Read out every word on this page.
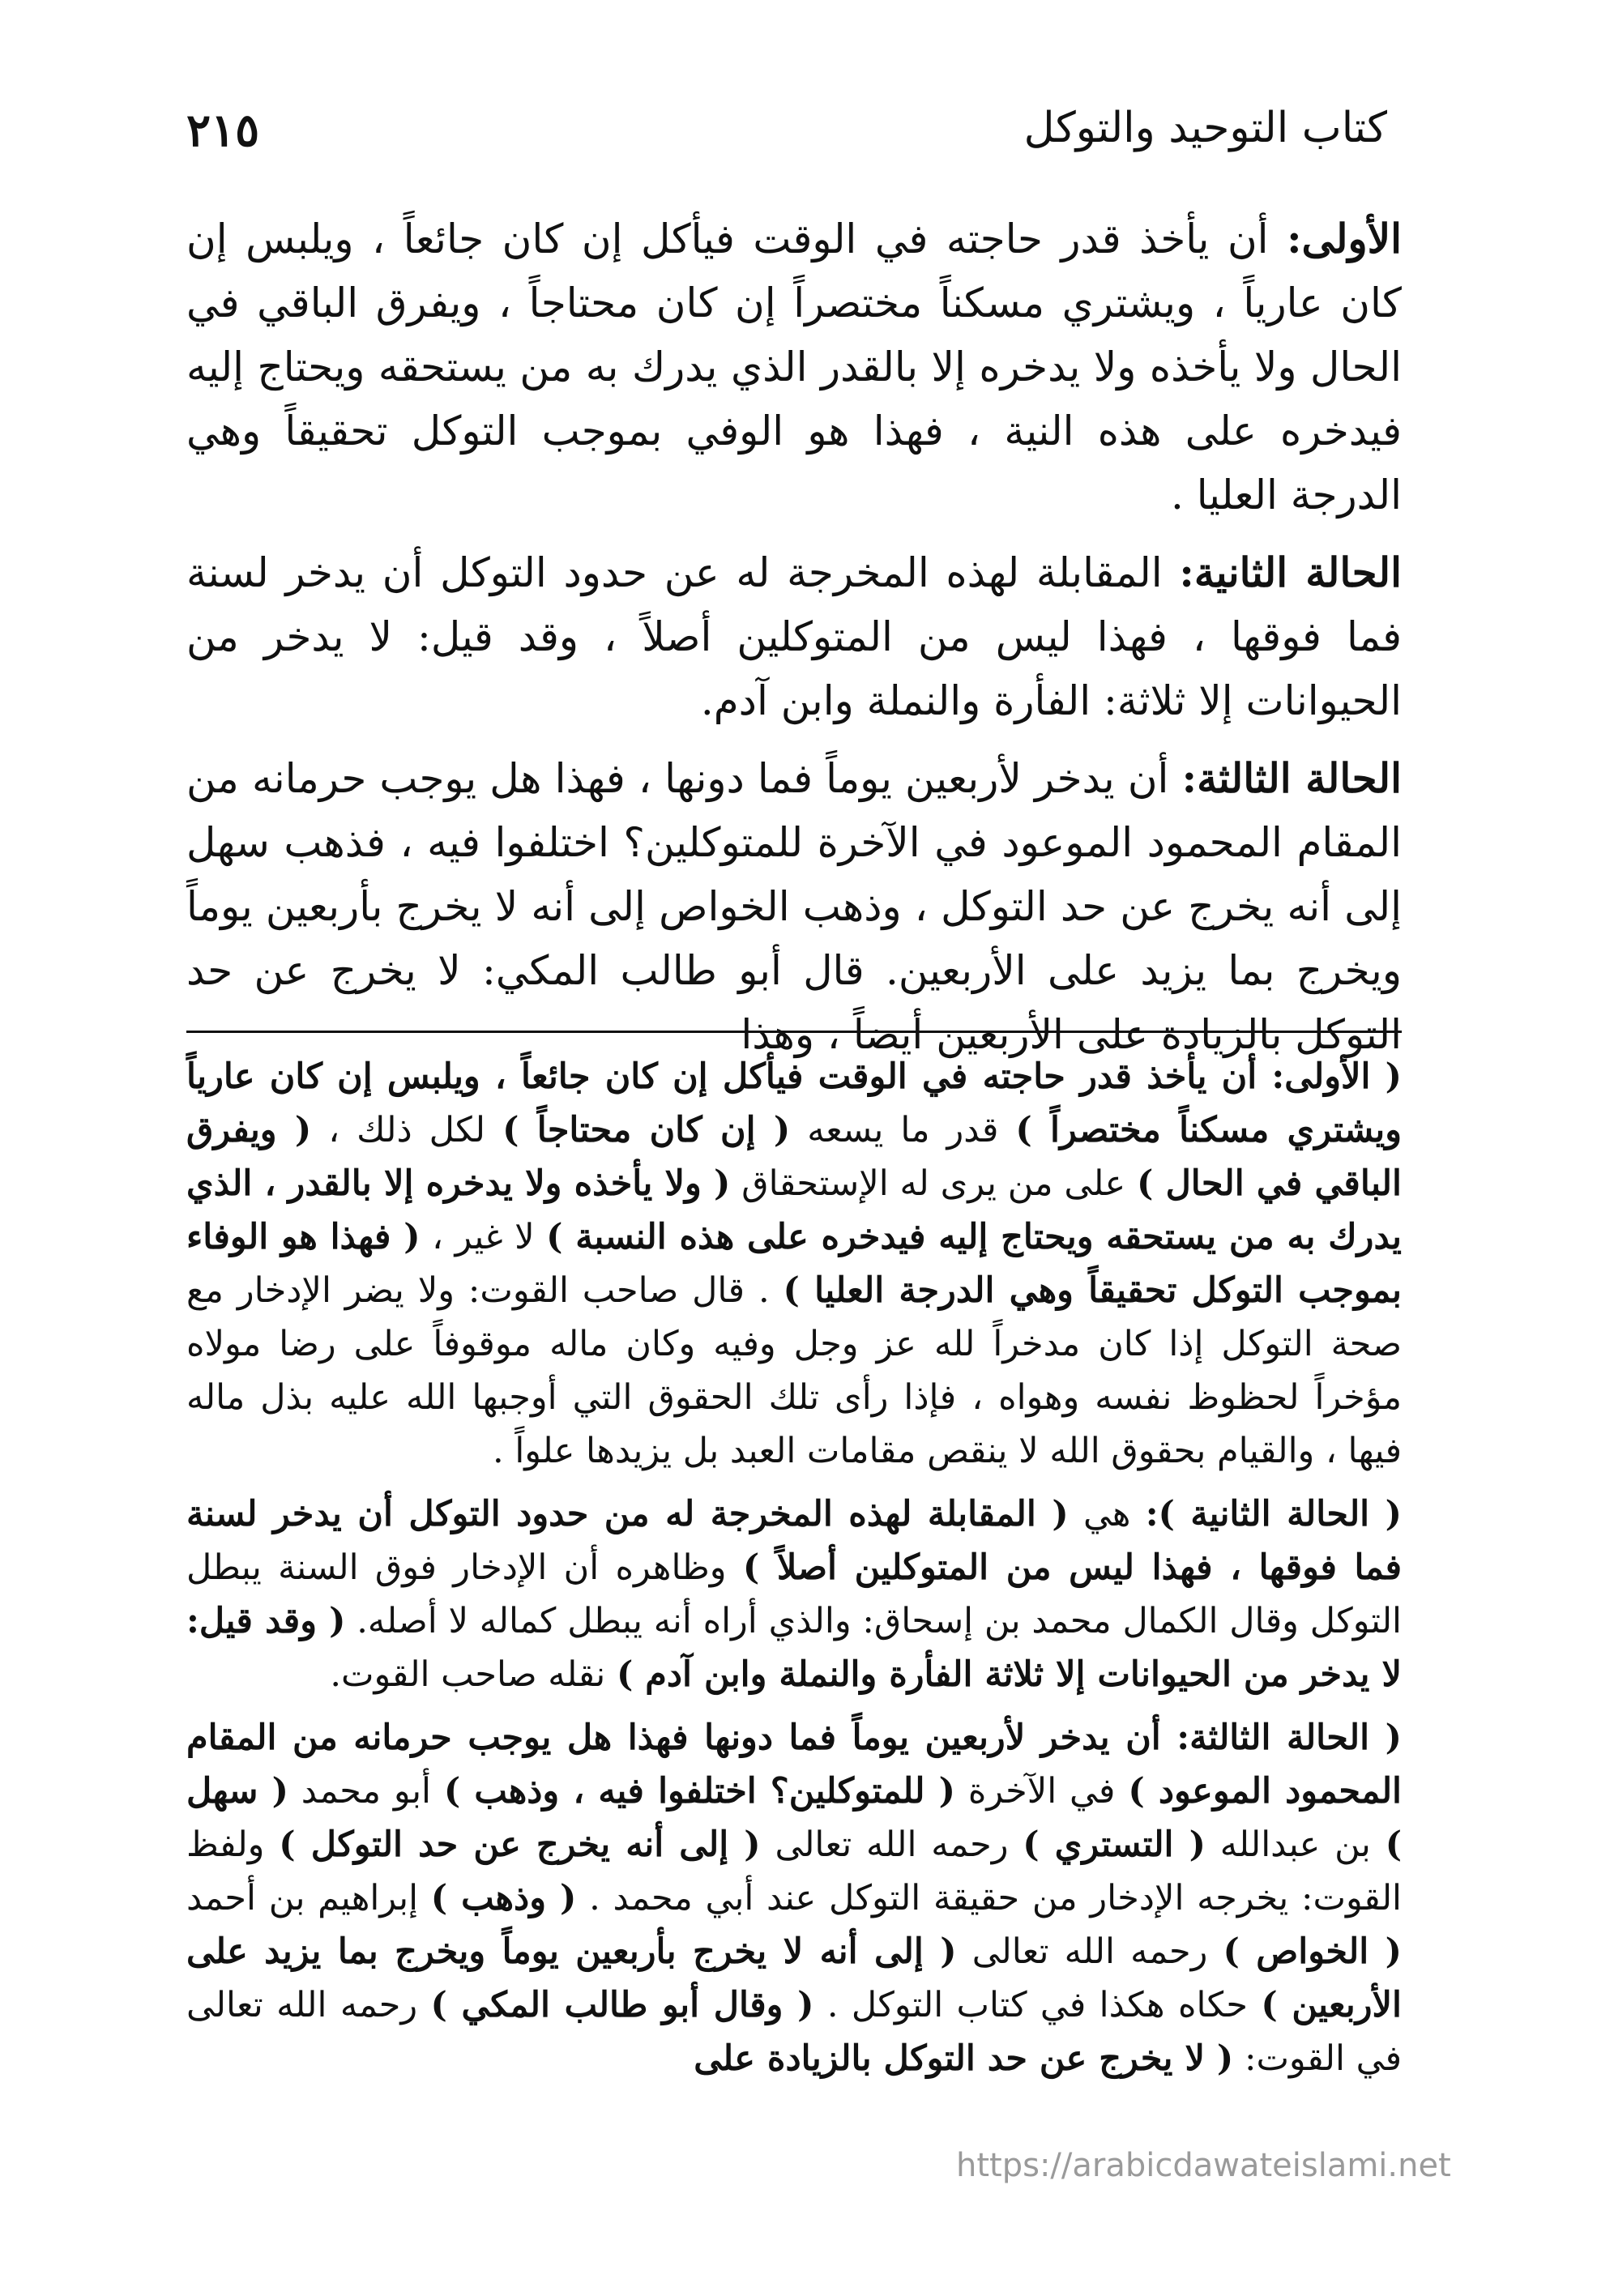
كتاب التوحيد والتوكل
٢١٥

الأولى: أن يأخذ قدر حاجته في الوقت فيأكل إن كان جائعاً ، ويلبس إن كان عارياً ، ويشتري مسكناً مختصراً إن كان محتاجاً ، ويفرق الباقي في الحال ولا يأخذه ولا يدخره إلا بالقدر الذي يدرك به من يستحقه ويحتاج إليه فيدخره على هذه النية ، فهذا هو الوفي بموجب التوكل تحقيقاً وهي الدرجة العليا .

الحالة الثانية: المقابلة لهذه المخرجة له عن حدود التوكل أن يدخر لسنة فما فوقها ، فهذا ليس من المتوكلين أصلاً ، وقد قيل: لا يدخر من الحيوانات إلا ثلاثة: الفأرة والنملة وابن آدم.

الحالة الثالثة: أن يدخر لأربعين يوماً فما دونها ، فهذا هل يوجب حرمانه من المقام المحمود الموعود في الآخرة للمتوكلين؟ اختلفوا فيه ، فذهب سهل إلى أنه يخرج عن حد التوكل ، وذهب الخواص إلى أنه لا يخرج بأربعين يوماً ويخرج بما يزيد على الأربعين. قال أبو طالب المكي: لا يخرج عن حد التوكل بالزيادة على الأربعين أيضاً ، وهذا

( الأولى: أن يأخذ قدر حاجته في الوقت فيأكل إن كان جائعاً ، ويلبس إن كان عارياً ويشتري مسكناً مختصراً ) قدر ما يسعه ( إن كان محتاجاً ) لكل ذلك ، ( ويفرق الباقي في الحال ) على من يرى له الإستحقاق ( ولا يأخذه ولا يدخره إلا بالقدر ، الذي يدرك به من يستحقه ويحتاج إليه فيدخره على هذه النسبة ) لا غير ، ( فهذا هو الوفاء بموجب التوكل تحقيقاً وهي الدرجة العليا ) . قال صاحب القوت: ولا يضر الإدخار مع صحة التوكل إذا كان مدخراً لله عز وجل وفيه وكان ماله موقوفاً على رضا مولاه مؤخراً لحظوظ نفسه وهواه ، فإذا رأى تلك الحقوق التي أوجبها الله عليه بذل ماله فيها ، والقيام بحقوق الله لا ينقص مقامات العبد بل يزيدها علواً .

( الحالة الثانية ): هي ( المقابلة لهذه المخرجة له من حدود التوكل أن يدخر لسنة فما فوقها ، فهذا ليس من المتوكلين أصلاً ) وظاهره أن الإدخار فوق السنة يبطل التوكل وقال الكمال محمد بن إسحاق: والذي أراه أنه يبطل كماله لا أصله. ( وقد قيل: لا يدخر من الحيوانات إلا ثلاثة الفأرة والنملة وابن آدم ) نقله صاحب القوت.

( الحالة الثالثة: أن يدخر لأربعين يوماً فما دونها فهذا هل يوجب حرمانه من المقام المحمود الموعود ) في الآخرة ( للمتوكلين؟ اختلفوا فيه ، وذهب ) أبو محمد ( سهل ) بن عبدالله ( التستري ) رحمه الله تعالى ( إلى أنه يخرج عن حد التوكل ) ولفظ القوت: يخرجه الإدخار من حقيقة التوكل عند أبي محمد . ( وذهب ) إبراهيم بن أحمد ( الخواص ) رحمه الله تعالى ( إلى أنه لا يخرج بأربعين يوماً ويخرج بما يزيد على الأربعين ) حكاه هكذا في كتاب التوكل . ( وقال أبو طالب المكي ) رحمه الله تعالى في القوت: ( لا يخرج عن حد التوكل بالزيادة على

https://arabicdawateislami.net
